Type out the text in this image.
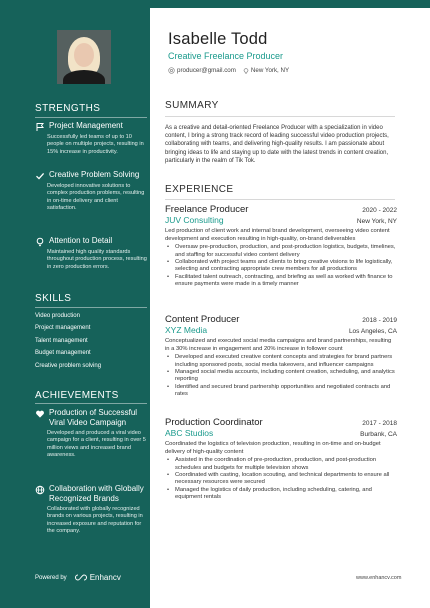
STRENGTHS
Project Management
Successfully led teams of up to 10 people on multiple projects, resulting in 15% increase in productivity.
Creative Problem Solving
Developed innovative solutions to complex production problems, resulting in on-time delivery and client satisfaction.
Attention to Detail
Maintained high quality standards throughout production process, resulting in zero production errors.
SKILLS
Video production
Project management
Talent management
Budget management
Creative problem solving
ACHIEVEMENTS
Production of Successful Viral Video Campaign
Developed and produced a viral video campaign for a client, resulting in over 5 million views and increased brand awareness.
Collaboration with Globally Recognized Brands
Collaborated with globally recognized brands on various projects, resulting in increased exposure and reputation for the company.
Powered by	Enhancv
Isabelle Todd
Creative Freelance Producer
producer@gmail.com New York, NY
SUMMARY
As a creative and detail-oriented Freelance Producer with a specialization in video content, I bring a strong track record of leading successful video production projects, collaborating with teams, and delivering high-quality results. I am passionate about bringing ideas to life and staying up to date with the latest trends in content creation, particularly in the realm of Tik Tok.
EXPERIENCE
Freelance Producer	2020 - 2022
JUV Consulting	New York, NY
Led production of client work and internal brand development, overseeing video content development and execution resulting in high-quality, on-brand deliverables
• Oversaw pre-production, production, and post-production logistics, budgets, timelines, and staffing for successful video content delivery
• Collaborated with project teams and clients to bring creative visions to life logistically, selecting and contracting appropriate crew members for all productions
• Facilitated talent outreach, contracting, and briefing as well as worked with finance to ensure payments were made in a timely manner
Content Producer	2018 - 2019
XYZ Media	Los Angeles, CA
Conceptualized and executed social media campaigns and brand partnerships, resulting in a 30% increase in engagement and 20% increase in follower count
• Developed and executed creative content concepts and strategies for brand partners including sponsored posts, social media takeovers, and influencer campaigns
• Managed social media accounts, including content creation, scheduling, and analytics reporting
• Identified and secured brand partnership opportunities and negotiated contracts and rates
Production Coordinator	2017 - 2018
ABC Studios	Burbank, CA
Coordinated the logistics of television production, resulting in on-time and on-budget delivery of high-quality content
• Assisted in the coordination of pre-production, production, and post-production schedules and budgets for multiple television shows
• Coordinated with casting, location scouting, and technical departments to ensure all necessary resources were secured
• Managed the logistics of daily production, including scheduling, catering, and equipment rentals
www.enhancv.com
